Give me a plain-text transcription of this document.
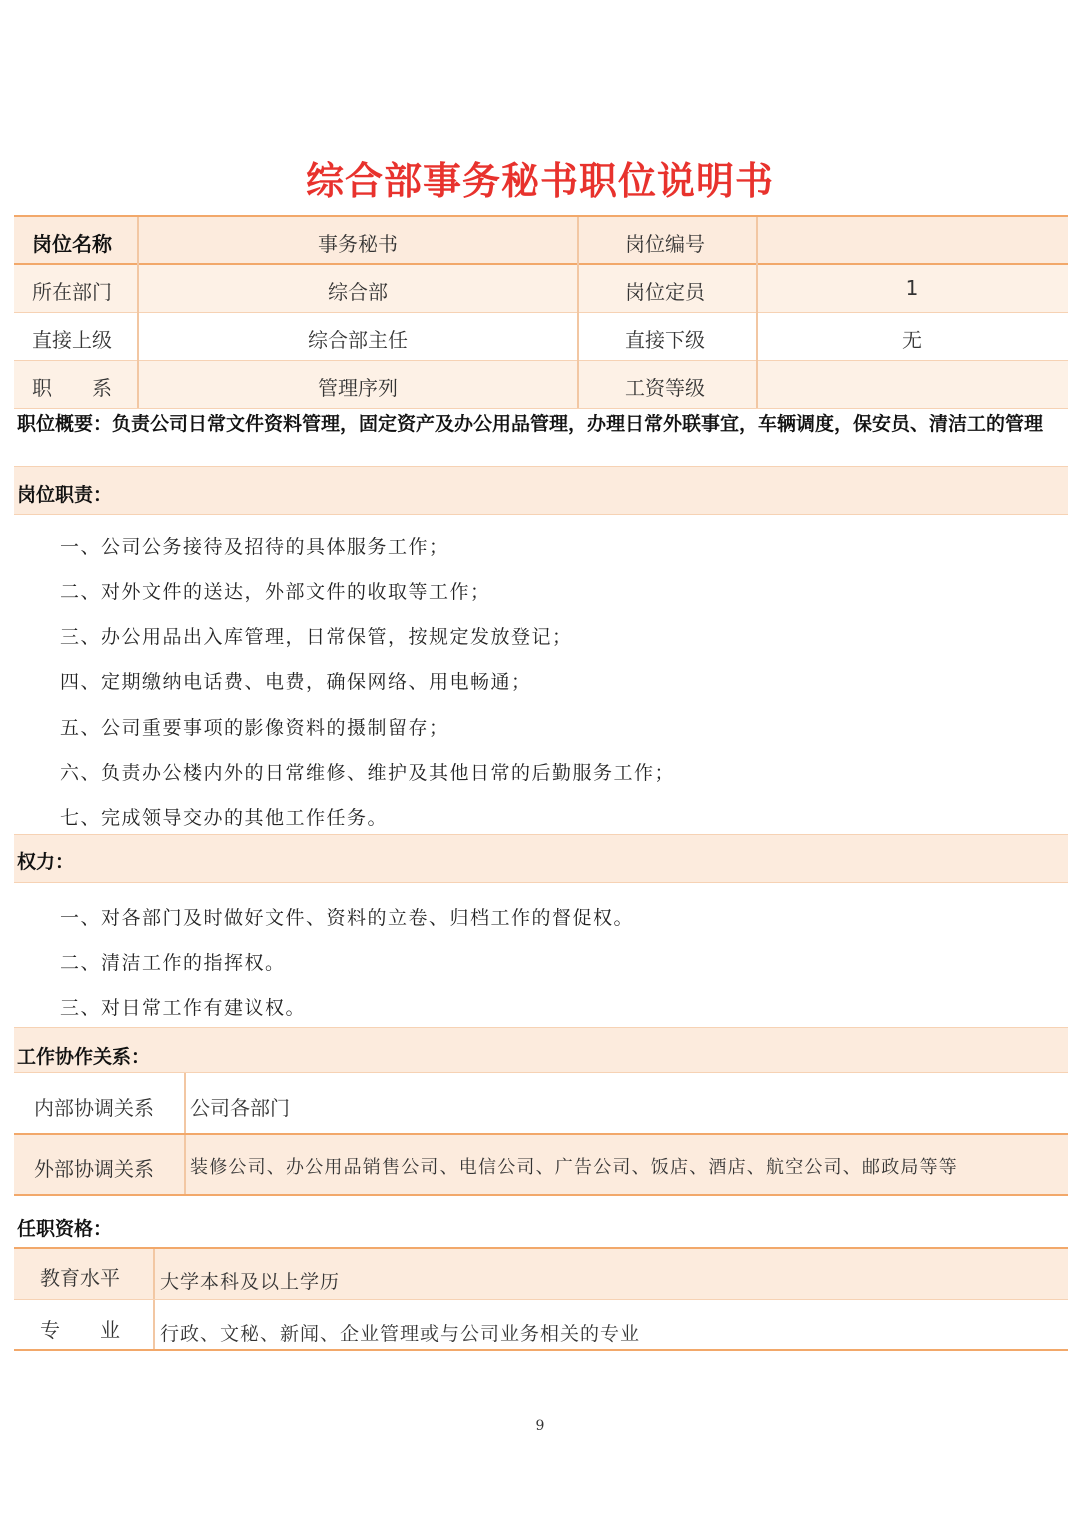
综合部事务秘书职位说明书
岗位名称	事务秘书	岗位编号
所在部门	综合部	岗位定员	1
直接上级	综合部主任	直接下级	无
职　　系	管理序列	工资等级
职位概要：负责公司日常文件资料管理，固定资产及办公用品管理，办理日常外联事宜，车辆调度，保安员、清洁工的管理
岗位职责：
一、公司公务接待及招待的具体服务工作；
二、对外文件的送达，外部文件的收取等工作；
三、办公用品出入库管理，日常保管，按规定发放登记；
四、定期缴纳电话费、电费，确保网络、用电畅通；
五、公司重要事项的影像资料的摄制留存；
六、负责办公楼内外的日常维修、维护及其他日常的后勤服务工作；
七、完成领导交办的其他工作任务。
权力：
一、对各部门及时做好文件、资料的立卷、归档工作的督促权。
二、清洁工作的指挥权。
三、对日常工作有建议权。
工作协作关系：
内部协调关系 公司各部门
外部协调关系 装修公司、办公用品销售公司、电信公司、广告公司、饭店、酒店、航空公司、邮政局等等
任职资格：
教育水平 大学本科及以上学历
专　　业 行政、文秘、新闻、企业管理或与公司业务相关的专业
9
